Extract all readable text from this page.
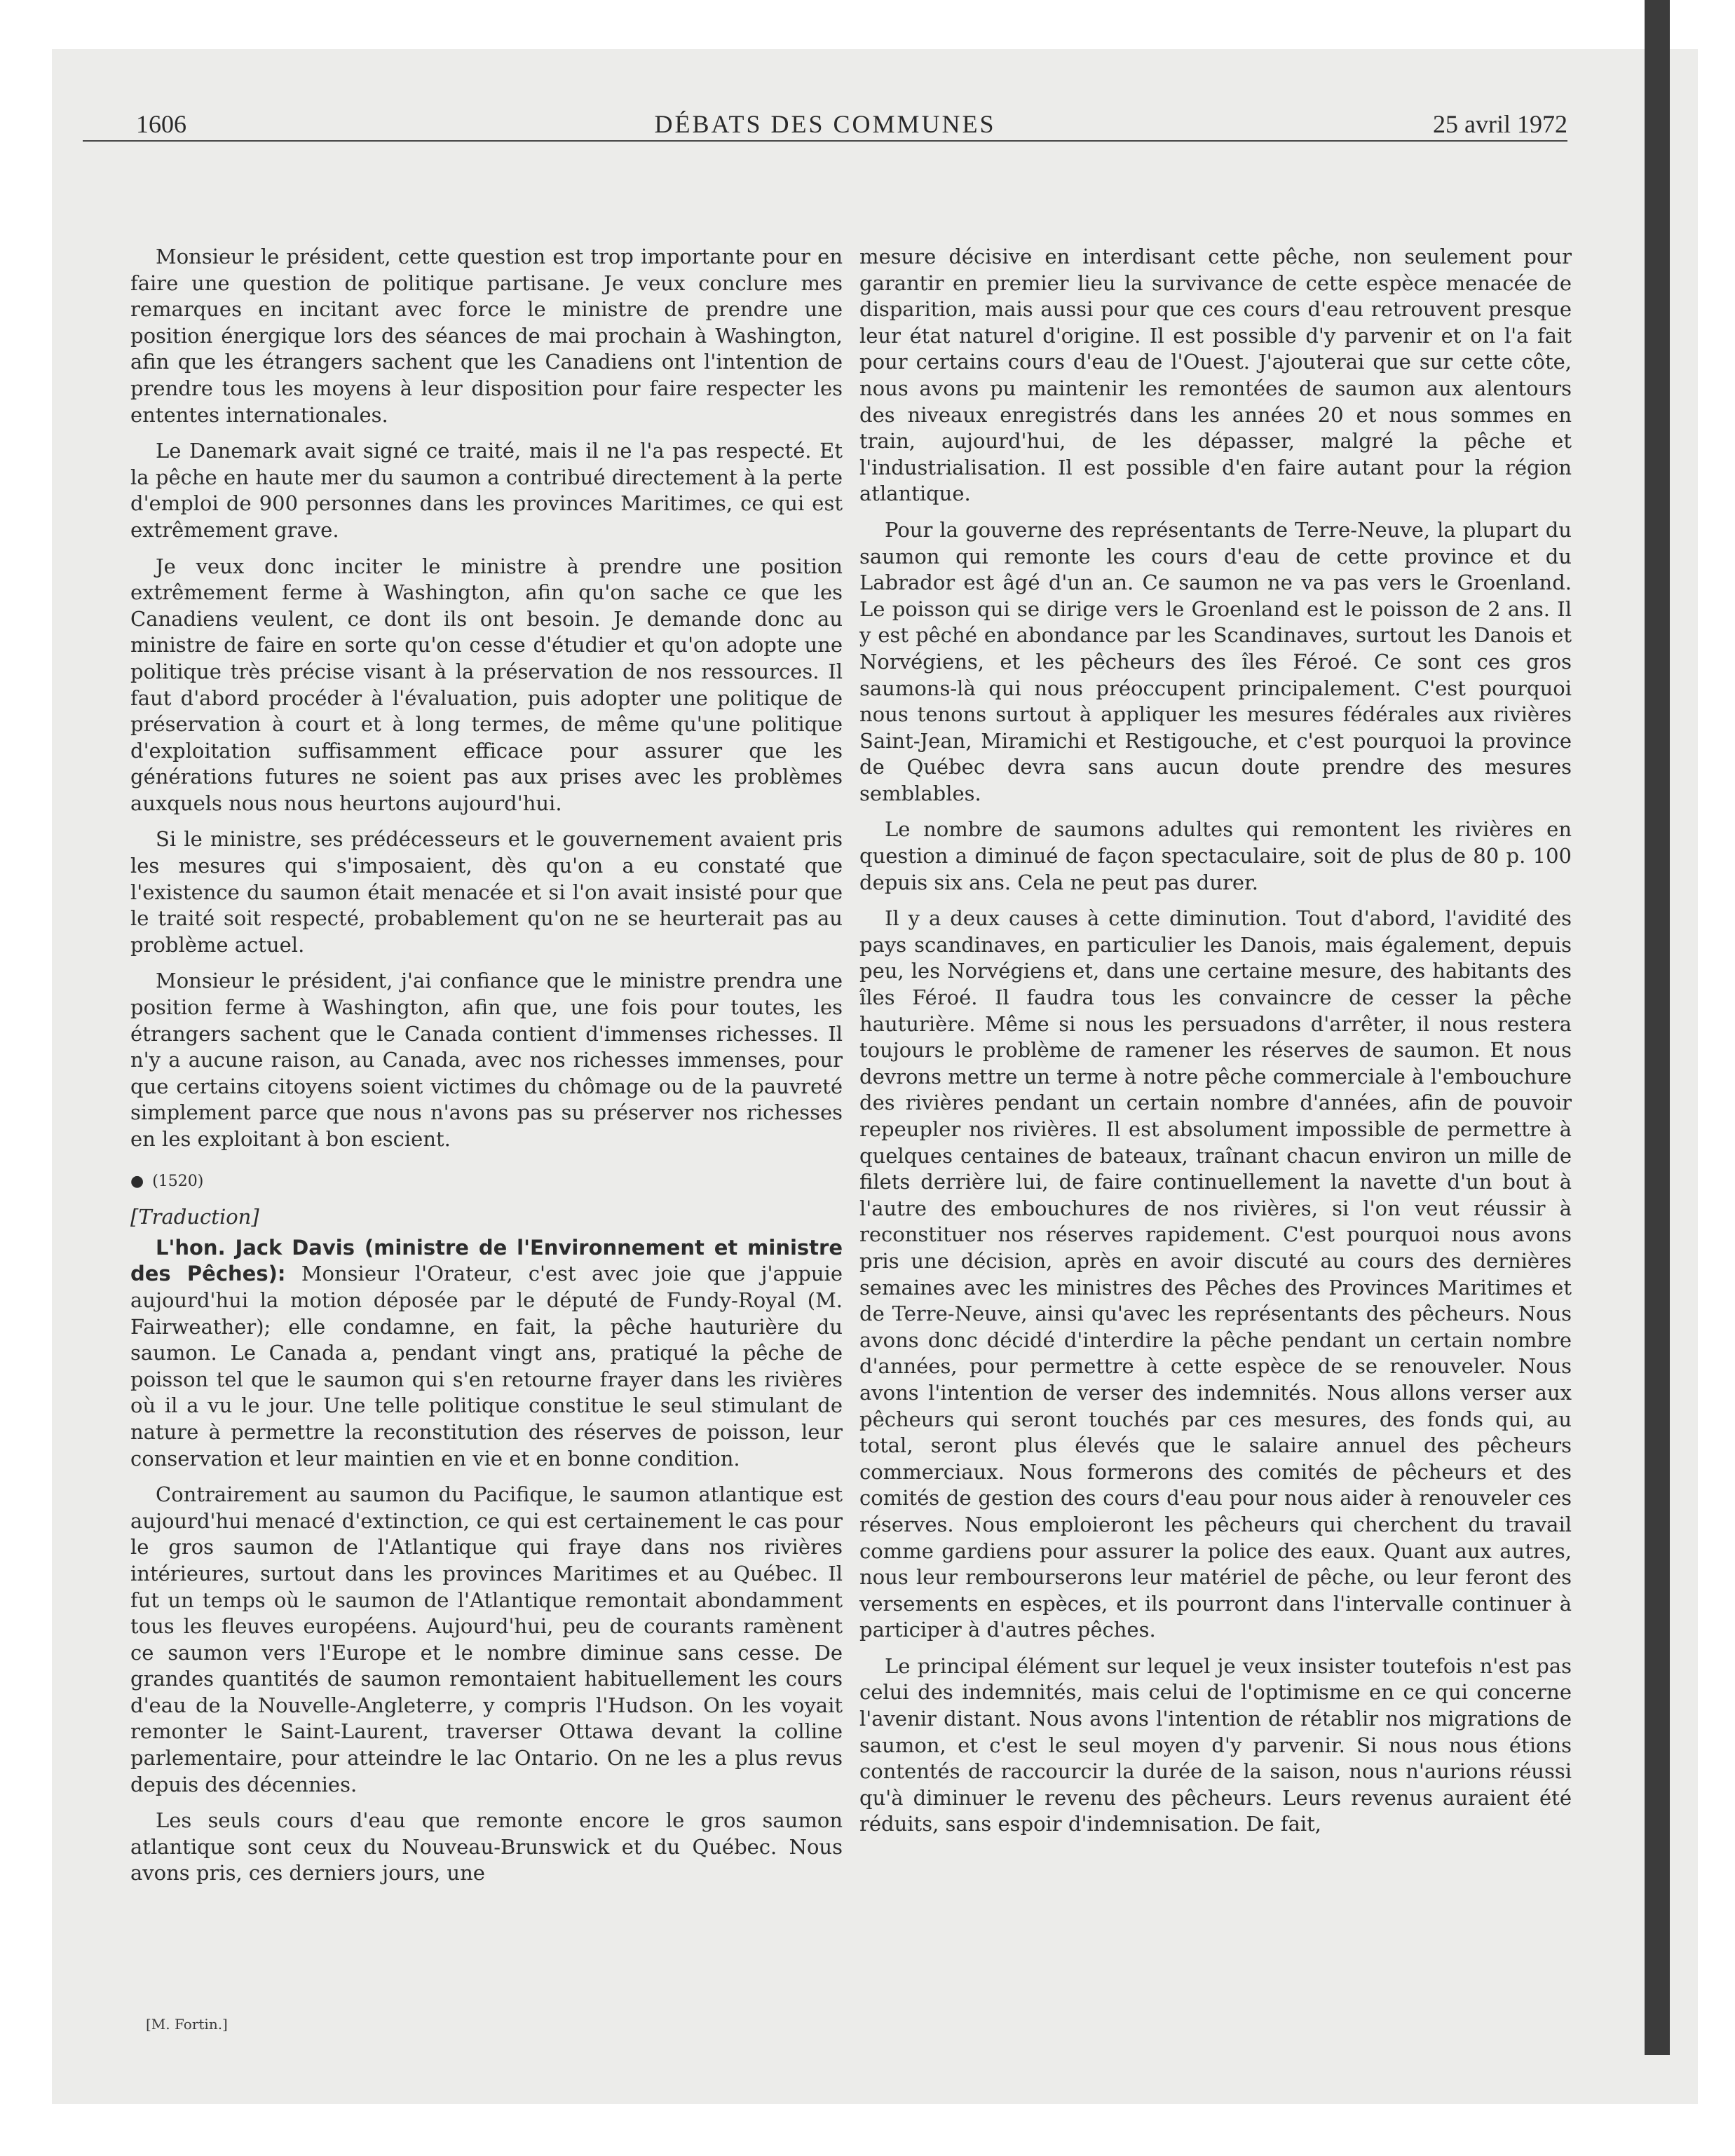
1606	DÉBATS DES COMMUNES	25 avril 1972

Monsieur le président, cette question est trop importante pour en faire une question de politique partisane. Je veux conclure mes remarques en incitant avec force le ministre de prendre une position énergique lors des séances de mai prochain à Washington, afin que les étrangers sachent que les Canadiens ont l'intention de prendre tous les moyens à leur disposition pour faire respecter les ententes internationales.

Le Danemark avait signé ce traité, mais il ne l'a pas respecté. Et la pêche en haute mer du saumon a contribué directement à la perte d'emploi de 900 personnes dans les provinces Maritimes, ce qui est extrêmement grave.

Je veux donc inciter le ministre à prendre une position extrêmement ferme à Washington, afin qu'on sache ce que les Canadiens veulent, ce dont ils ont besoin. Je demande donc au ministre de faire en sorte qu'on cesse d'étudier et qu'on adopte une politique très précise visant à la préservation de nos ressources. Il faut d'abord procéder à l'évaluation, puis adopter une politique de préservation à court et à long termes, de même qu'une politique d'exploitation suffisamment efficace pour assurer que les générations futures ne soient pas aux prises avec les problèmes auxquels nous nous heurtons aujourd'hui.

Si le ministre, ses prédécesseurs et le gouvernement avaient pris les mesures qui s'imposaient, dès qu'on a eu constaté que l'existence du saumon était menacée et si l'on avait insisté pour que le traité soit respecté, probablement qu'on ne se heurterait pas au problème actuel.

Monsieur le président, j'ai confiance que le ministre prendra une position ferme à Washington, afin que, une fois pour toutes, les étrangers sachent que le Canada contient d'immenses richesses. Il n'y a aucune raison, au Canada, avec nos richesses immenses, pour que certains citoyens soient victimes du chômage ou de la pauvreté simplement parce que nous n'avons pas su préserver nos richesses en les exploitant à bon escient.

● (1520)

[Traduction]

L'hon. Jack Davis (ministre de l'Environnement et ministre des Pêches): Monsieur l'Orateur, c'est avec joie que j'appuie aujourd'hui la motion déposée par le député de Fundy-Royal (M. Fairweather); elle condamne, en fait, la pêche hauturière du saumon. Le Canada a, pendant vingt ans, pratiqué la pêche de poisson tel que le saumon qui s'en retourne frayer dans les rivières où il a vu le jour. Une telle politique constitue le seul stimulant de nature à permettre la reconstitution des réserves de poisson, leur conservation et leur maintien en vie et en bonne condition.

Contrairement au saumon du Pacifique, le saumon atlantique est aujourd'hui menacé d'extinction, ce qui est certainement le cas pour le gros saumon de l'Atlantique qui fraye dans nos rivières intérieures, surtout dans les provinces Maritimes et au Québec. Il fut un temps où le saumon de l'Atlantique remontait abondamment tous les fleuves européens. Aujourd'hui, peu de courants ramènent ce saumon vers l'Europe et le nombre diminue sans cesse. De grandes quantités de saumon remontaient habituellement les cours d'eau de la Nouvelle-Angleterre, y compris l'Hudson. On les voyait remonter le Saint-Laurent, traverser Ottawa devant la colline parlementaire, pour atteindre le lac Ontario. On ne les a plus revus depuis des décennies.

Les seuls cours d'eau que remonte encore le gros saumon atlantique sont ceux du Nouveau-Brunswick et du Québec. Nous avons pris, ces derniers jours, une

mesure décisive en interdisant cette pêche, non seulement pour garantir en premier lieu la survivance de cette espèce menacée de disparition, mais aussi pour que ces cours d'eau retrouvent presque leur état naturel d'origine. Il est possible d'y parvenir et on l'a fait pour certains cours d'eau de l'Ouest. J'ajouterai que sur cette côte, nous avons pu maintenir les remontées de saumon aux alentours des niveaux enregistrés dans les années 20 et nous sommes en train, aujourd'hui, de les dépasser, malgré la pêche et l'industrialisation. Il est possible d'en faire autant pour la région atlantique.

Pour la gouverne des représentants de Terre-Neuve, la plupart du saumon qui remonte les cours d'eau de cette province et du Labrador est âgé d'un an. Ce saumon ne va pas vers le Groenland. Le poisson qui se dirige vers le Groenland est le poisson de 2 ans. Il y est pêché en abondance par les Scandinaves, surtout les Danois et Norvégiens, et les pêcheurs des îles Féroé. Ce sont ces gros saumons-là qui nous préoccupent principalement. C'est pourquoi nous tenons surtout à appliquer les mesures fédérales aux rivières Saint-Jean, Miramichi et Restigouche, et c'est pourquoi la province de Québec devra sans aucun doute prendre des mesures semblables.

Le nombre de saumons adultes qui remontent les rivières en question a diminué de façon spectaculaire, soit de plus de 80 p. 100 depuis six ans. Cela ne peut pas durer.

Il y a deux causes à cette diminution. Tout d'abord, l'avidité des pays scandinaves, en particulier les Danois, mais également, depuis peu, les Norvégiens et, dans une certaine mesure, des habitants des îles Féroé. Il faudra tous les convaincre de cesser la pêche hauturière. Même si nous les persuadons d'arrêter, il nous restera toujours le problème de ramener les réserves de saumon. Et nous devrons mettre un terme à notre pêche commerciale à l'embouchure des rivières pendant un certain nombre d'années, afin de pouvoir repeupler nos rivières. Il est absolument impossible de permettre à quelques centaines de bateaux, traînant chacun environ un mille de filets derrière lui, de faire continuellement la navette d'un bout à l'autre des embouchures de nos rivières, si l'on veut réussir à reconstituer nos réserves rapidement. C'est pourquoi nous avons pris une décision, après en avoir discuté au cours des dernières semaines avec les ministres des Pêches des Provinces Maritimes et de Terre-Neuve, ainsi qu'avec les représentants des pêcheurs. Nous avons donc décidé d'interdire la pêche pendant un certain nombre d'années, pour permettre à cette espèce de se renouveler. Nous avons l'intention de verser des indemnités. Nous allons verser aux pêcheurs qui seront touchés par ces mesures, des fonds qui, au total, seront plus élevés que le salaire annuel des pêcheurs commerciaux. Nous formerons des comités de pêcheurs et des comités de gestion des cours d'eau pour nous aider à renouveler ces réserves. Nous emploieront les pêcheurs qui cherchent du travail comme gardiens pour assurer la police des eaux. Quant aux autres, nous leur rembourserons leur matériel de pêche, ou leur feront des versements en espèces, et ils pourront dans l'intervalle continuer à participer à d'autres pêches.

Le principal élément sur lequel je veux insister toutefois n'est pas celui des indemnités, mais celui de l'optimisme en ce qui concerne l'avenir distant. Nous avons l'intention de rétablir nos migrations de saumon, et c'est le seul moyen d'y parvenir. Si nous nous étions contentés de raccourcir la durée de la saison, nous n'aurions réussi qu'à diminuer le revenu des pêcheurs. Leurs revenus auraient été réduits, sans espoir d'indemnisation. De fait,

[M. Fortin.]
